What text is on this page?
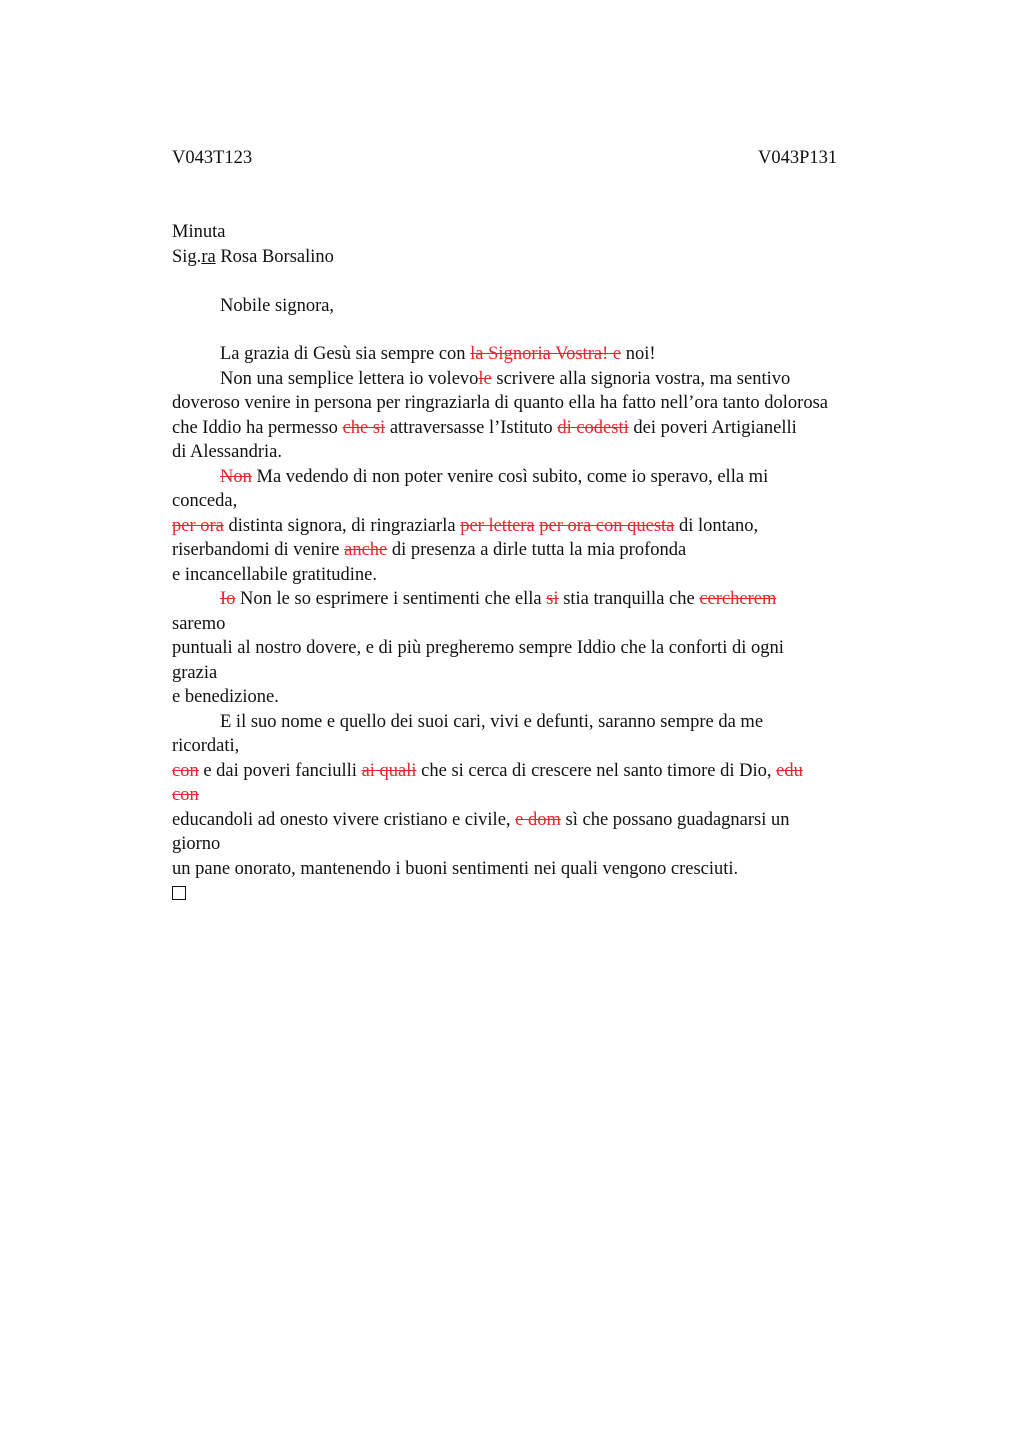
V043T123	V043P131
Minuta
Sig.ra Rosa Borsalino
Nobile signora,
La grazia di Gesù sia sempre con la Signoria Vostra! e noi!
Non una semplice lettera io volevole scrivere alla signoria vostra, ma sentivo
doveroso venire in persona per ringraziarla di quanto ella ha fatto nell’ora tanto dolorosa
che Iddio ha permesso che si attraversasse l’Istituto di codesti dei poveri Artigianelli
di Alessandria.
Non Ma vedendo di non poter venire così subito, come io speravo, ella mi
conceda,
per ora distinta signora, di ringraziarla per lettera per ora con questa di lontano,
riserbandomi di venire anche di presenza a dirle tutta la mia profonda
e incancellabile gratitudine.
Io Non le so esprimere i sentimenti che ella si stia tranquilla che cercherem
saremo
puntuali al nostro dovere, e di più pregheremo sempre Iddio che la conforti di ogni
grazia
e benedizione.
E il suo nome e quello dei suoi cari, vivi e defunti, saranno sempre da me
ricordati,
con e dai poveri fanciulli ai quali che si cerca di crescere nel santo timore di Dio, edu
con
educandoli ad onesto vivere cristiano e civile, e dom sì che possano guadagnarsi un
giorno
un pane onorato, mantenendo i buoni sentimenti nei quali vengono cresciuti.
